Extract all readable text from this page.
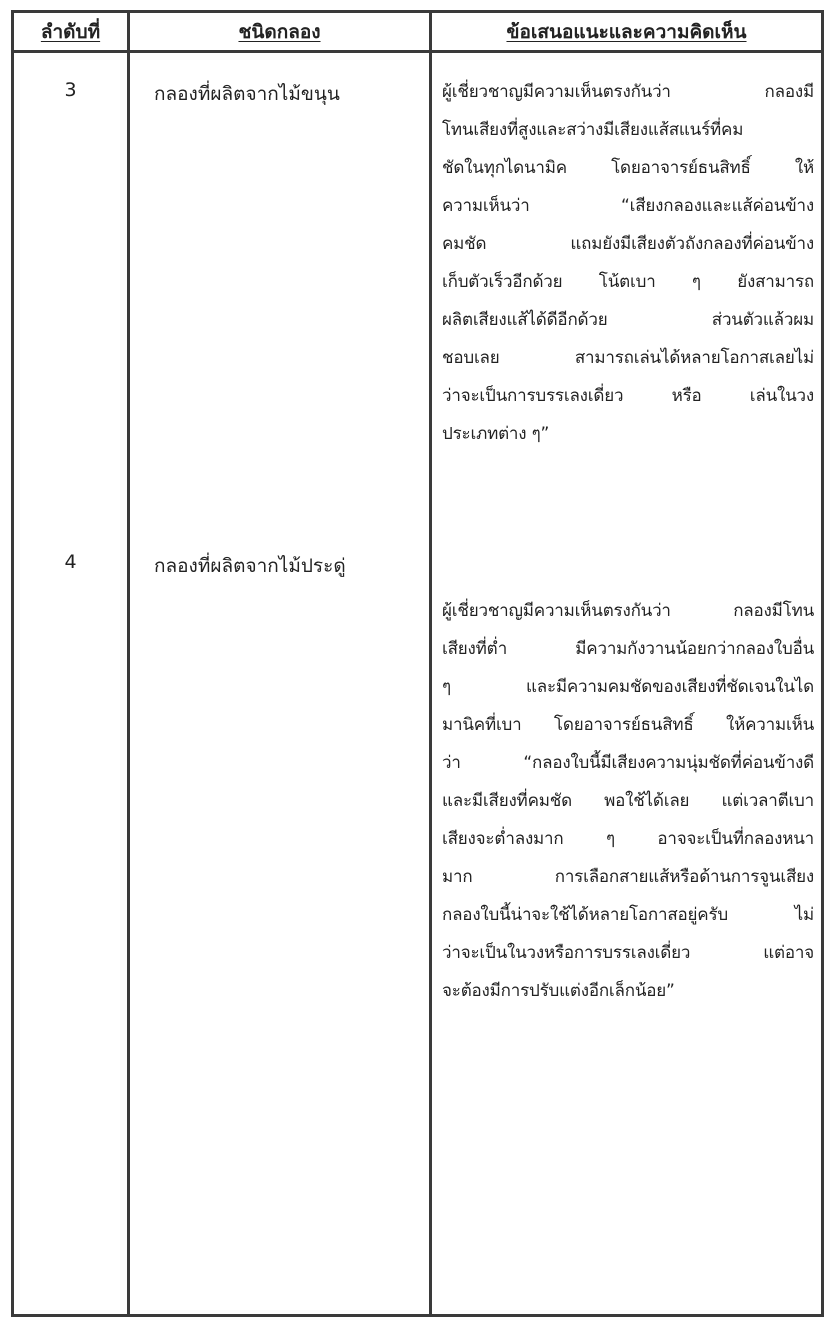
ลำดับที่	ชนิดกลอง	ข้อเสนอแนะและความคิดเห็น
3	กลองที่ผลิตจากไม้ขนุน	ผู้เชี่ยวชาญมีความเห็นตรงกันว่า กลองมี
โทนเสียงที่สูงและสว่างมีเสียงแส้สแนร์ที่คม
ชัดในทุกไดนามิค โดยอาจารย์ธนสิทธิ์ ให้
ความเห็นว่า “เสียงกลองและแส้ค่อนข้าง
คมชัด แถมยังมีเสียงตัวถังกลองที่ค่อนข้าง
เก็บตัวเร็วอีกด้วย โน้ตเบา ๆ ยังสามารถ
ผลิตเสียงแส้ได้ดีอีกด้วย ส่วนตัวแล้วผม
ชอบเลย สามารถเล่นได้หลายโอกาสเลยไม่
ว่าจะเป็นการบรรเลงเดี่ยว หรือ เล่นในวง
ประเภทต่าง ๆ”
4	กลองที่ผลิตจากไม้ประดู่
ผู้เชี่ยวชาญมีความเห็นตรงกันว่า กลองมีโทน
เสียงที่ต่ำ มีความกังวานน้อยกว่ากลองใบอื่น
ๆ และมีความคมชัดของเสียงที่ชัดเจนในได
มานิคที่เบา โดยอาจารย์ธนสิทธิ์ ให้ความเห็น
ว่า “กลองใบนี้มีเสียงความนุ่มชัดที่ค่อนข้างดี
และมีเสียงที่คมชัด พอใช้ได้เลย แต่เวลาตีเบา
เสียงจะต่ำลงมาก ๆ อาจจะเป็นที่กลองหนา
มาก การเลือกสายแส้หรือด้านการจูนเสียง
กลองใบนี้น่าจะใช้ได้หลายโอกาสอยู่ครับ ไม่
ว่าจะเป็นในวงหรือการบรรเลงเดี่ยว แต่อาจ
จะต้องมีการปรับแต่งอีกเล็กน้อย”
